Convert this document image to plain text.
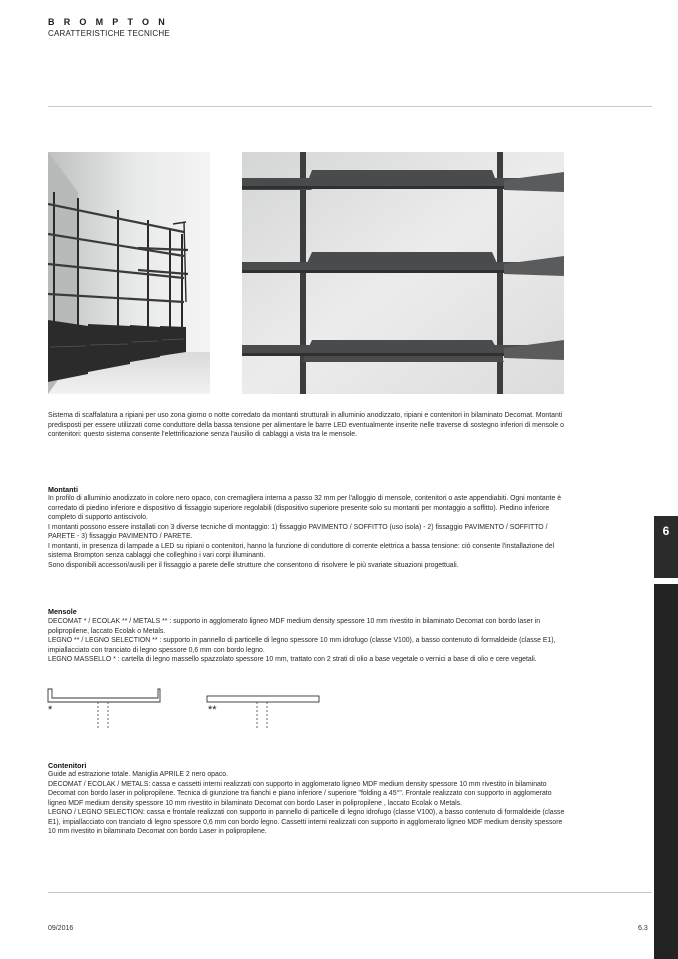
BROMPTON
CARATTERISTICHE TECNICHE

Sistema di scaffalatura a ripiani per uso zona giorno o notte corredato da montanti strutturali in alluminio anodizzato, ripiani e contenitori in bilaminato Decomat. Montanti predisposti per essere utilizzati come conduttore della bassa tensione per alimentare le barre LED eventualmente inserite nelle traverse di sostegno inferiori di mensole o contenitori: questo sistema consente l'elettrificazione senza l'ausilio di cablaggi a vista tra le mensole.

Montanti

In profilo di alluminio anodizzato in colore nero opaco, con cremagliera interna a passo 32 mm per l'alloggio di mensole, contenitori o aste appendiabiti. Ogni montante è corredato di piedino inferiore e dispositivo di fissaggio superiore regolabili (dispositivo superiore presente solo su montanti per montaggio a soffitto). Piedino inferiore completo di supporto antiscivolo.
I montanti possono essere installati con 3 diverse tecniche di montaggio: 1) fissaggio PAVIMENTO / SOFFITTO (uso isola) - 2) fissaggio PAVIMENTO / SOFFITTO / PARETE - 3) fissaggio PAVIMENTO / PARETE.
I montanti, in presenza di lampade a LED su ripiani o contenitori, hanno la funzione di conduttore di corrente elettrica a bassa tensione: ciò consente l'installazione del sistema Brompton senza cablaggi che colleghino i vari corpi illuminanti.
Sono disponibili accessori/ausili per il fissaggio a parete delle strutture che consentono di risolvere le più svariate situazioni progettuali.
6

Mensole

DECOMAT * / ECOLAK ** / METALS ** : supporto in agglomerato ligneo MDF medium density spessore 10 mm rivestito in bilaminato Decomat con bordo laser in polipropilene, laccato Ecolak o Metals.
LEGNO ** / LEGNO SELECTION ** : supporto in pannello di particelle di legno spessore 10 mm idrofugo (classe V100), a basso contenuto di formaldeide (classe E1), impiallacciato con tranciato di legno spessore 0,6 mm con bordo legno.
LEGNO MASSELLO * : cartella di legno massello spazzolato spessore 10 mm, trattato con 2 strati di olio a base vegetale o vernici a base di olio e cere vegetali.
*	**

Contenitori

Guide ad estrazione totale. Maniglia APRILE 2 nero opaco.
DECOMAT / ECOLAK / METALS: cassa e cassetti interni realizzati con supporto in agglomerato ligneo MDF medium density spessore 10 mm rivestito in bilaminato Decomat con bordo laser in polipropilene. Tecnica di giunzione tra fianchi e piano inferiore / superiore "folding a 45°". Frontale realizzato con supporto in agglomerato ligneo MDF medium density spessore 10 mm rivestito in bilaminato Decomat con bordo Laser in polipropilene , laccato Ecolak o Metals.
LEGNO / LEGNO SELECTION: cassa e frontale realizzati con supporto in pannello di particelle di legno idrofugo (classe V100), a basso contenuto di formaldeide (classe E1), impiallacciato con tranciato di legno spessore 0,6 mm con bordo legno. Cassetti interni realizzati con supporto in agglomerato ligneo MDF medium density spessore 10 mm rivestito in bilaminato Decomat con bordo Laser in polipropilene.
09/2016	6.3
